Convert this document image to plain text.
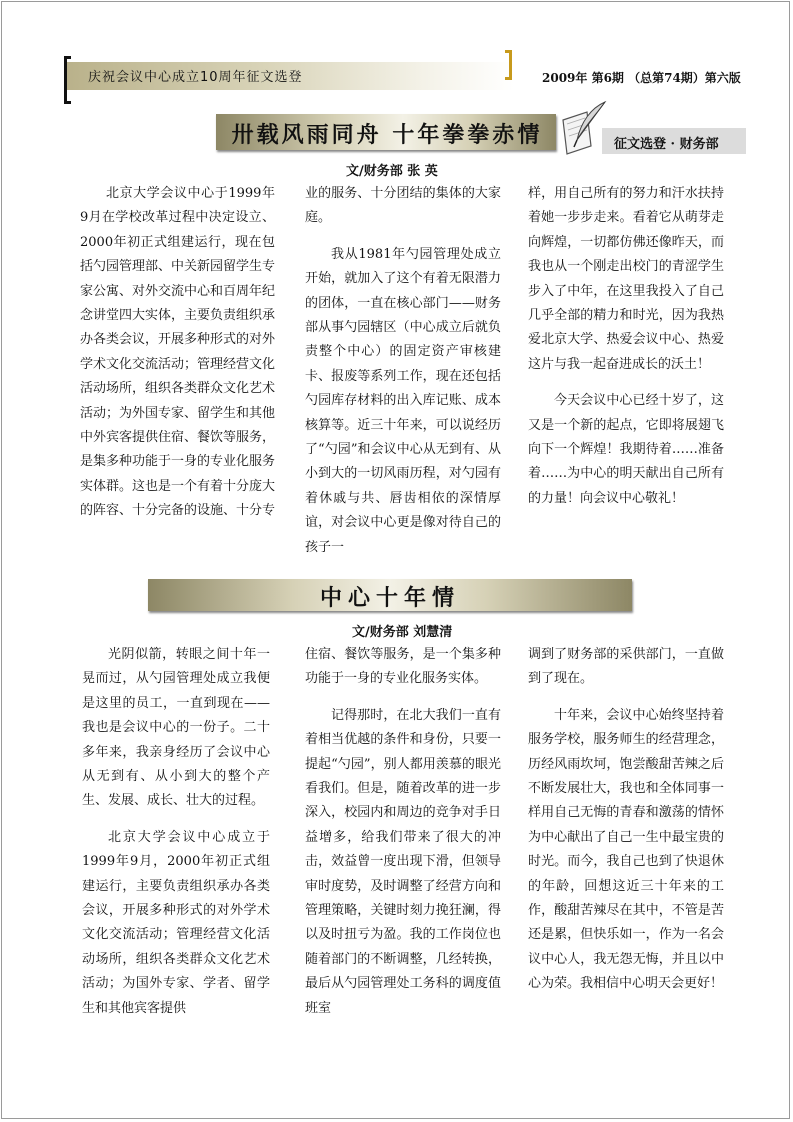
庆祝会议中心成立10周年征文选登	2009年 第6期 （总第74期）第六版
卅载风雨同舟 十年拳拳赤情	征文选登 · 财务部
文/财务部 张 英

北京大学会议中心于1999年9月在学校改革过程中决定设立、2000年初正式组建运行，现在包括勺园管理部、中关新园留学生专家公寓、对外交流中心和百周年纪念讲堂四大实体，主要负责组织承办各类会议，开展多种形式的对外学术文化交流活动；管理经营文化活动场所，组织各类群众文化艺术活动；为外国专家、留学生和其他中外宾客提供住宿、餐饮等服务，是集多种功能于一身的专业化服务实体群。这也是一个有着十分庞大的阵容、十分完备的设施、十分专

业的服务、十分团结的集体的大家庭。

我从1981年勺园管理处成立开始，就加入了这个有着无限潜力的团体，一直在核心部门——财务部从事勺园辖区（中心成立后就负责整个中心）的固定资产审核建卡、报废等系列工作，现在还包括勺园库存材料的出入库记账、成本核算等。近三十年来，可以说经历了“勺园”和会议中心从无到有、从小到大的一切风雨历程，对勺园有着休戚与共、唇齿相依的深情厚谊，对会议中心更是像对待自己的孩子一

样，用自己所有的努力和汗水扶持着她一步步走来。看着它从萌芽走向辉煌，一切都仿佛还像昨天，而我也从一个刚走出校门的青涩学生步入了中年，在这里我投入了自己几乎全部的精力和时光，因为我热爱北京大学、热爱会议中心、热爱这片与我一起奋进成长的沃土！

今天会议中心已经十岁了，这又是一个新的起点，它即将展翅飞向下一个辉煌！我期待着……准备着……为中心的明天献出自己所有的力量！向会议中心敬礼！

中心十年情
文/财务部 刘慧清

光阴似箭，转眼之间十年一晃而过，从勺园管理处成立我便是这里的员工，一直到现在——我也是会议中心的一份子。二十多年来，我亲身经历了会议中心从无到有、从小到大的整个产生、发展、成长、壮大的过程。

北京大学会议中心成立于1999年9月，2000年初正式组建运行，主要负责组织承办各类会议，开展多种形式的对外学术文化交流活动；管理经营文化活动场所，组织各类群众文化艺术活动；为国外专家、学者、留学生和其他宾客提供

住宿、餐饮等服务，是一个集多种功能于一身的专业化服务实体。

记得那时，在北大我们一直有着相当优越的条件和身份，只要一提起“勺园”，别人都用羡慕的眼光看我们。但是，随着改革的进一步深入，校园内和周边的竞争对手日益增多，给我们带来了很大的冲击，效益曾一度出现下滑，但领导审时度势，及时调整了经营方向和管理策略，关键时刻力挽狂澜，得以及时扭亏为盈。我的工作岗位也随着部门的不断调整，几经转换，最后从勺园管理处工务科的调度值班室

调到了财务部的采供部门，一直做到了现在。

十年来，会议中心始终坚持着服务学校，服务师生的经营理念，历经风雨坎坷，饱尝酸甜苦辣之后不断发展壮大，我也和全体同事一样用自己无悔的青春和激荡的情怀为中心献出了自己一生中最宝贵的时光。而今，我自己也到了快退休的年龄，回想这近三十年来的工作，酸甜苦辣尽在其中，不管是苦还是累，但快乐如一，作为一名会议中心人，我无怨无悔，并且以中心为荣。我相信中心明天会更好！
